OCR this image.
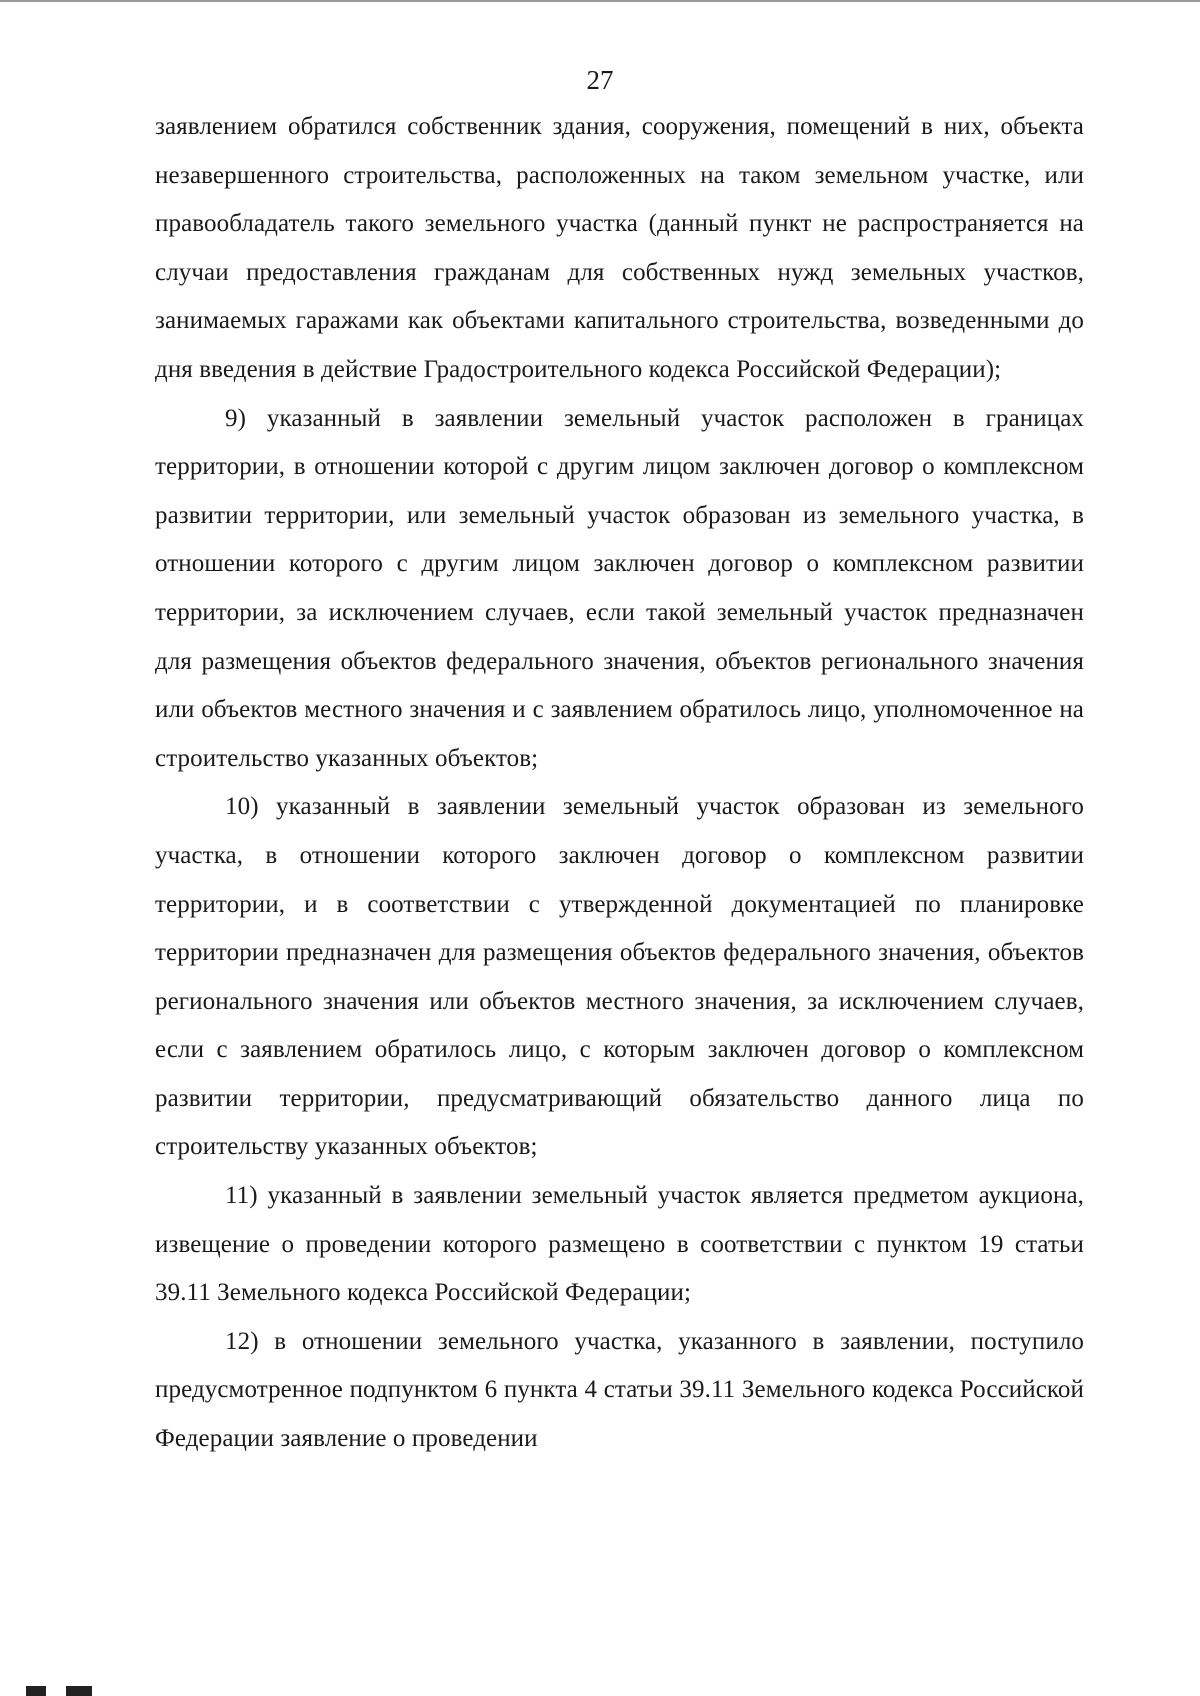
27

заявлением обратился собственник здания, сооружения, помещений в них, объекта незавершенного строительства, расположенных на таком земельном участке, или правообладатель такого земельного участка (данный пункт не распространяется на случаи предоставления гражданам для собственных нужд земельных участков, занимаемых гаражами как объектами капитального строительства, возведенными до дня введения в действие Градостроительного кодекса Российской Федерации);

9) указанный в заявлении земельный участок расположен в границах территории, в отношении которой с другим лицом заключен договор о комплексном развитии территории, или земельный участок образован из земельного участка, в отношении которого с другим лицом заключен договор о комплексном развитии территории, за исключением случаев, если такой земельный участок предназначен для размещения объектов федерального значения, объектов регионального значения или объектов местного значения и с заявлением обратилось лицо, уполномоченное на строительство указанных объектов;

10) указанный в заявлении земельный участок образован из земельного участка, в отношении которого заключен договор о комплексном развитии территории, и в соответствии с утвержденной документацией по планировке территории предназначен для размещения объектов федерального значения, объектов регионального значения или объектов местного значения, за исключением случаев, если с заявлением обратилось лицо, с которым заключен договор о комплексном развитии территории, предусматривающий обязательство данного лица по строительству указанных объектов;

11) указанный в заявлении земельный участок является предметом аукциона, извещение о проведении которого размещено в соответствии с пунктом 19 статьи 39.11 Земельного кодекса Российской Федерации;

12) в отношении земельного участка, указанного в заявлении, поступило предусмотренное подпунктом 6 пункта 4 статьи 39.11 Земельного кодекса Российской Федерации заявление о проведении
